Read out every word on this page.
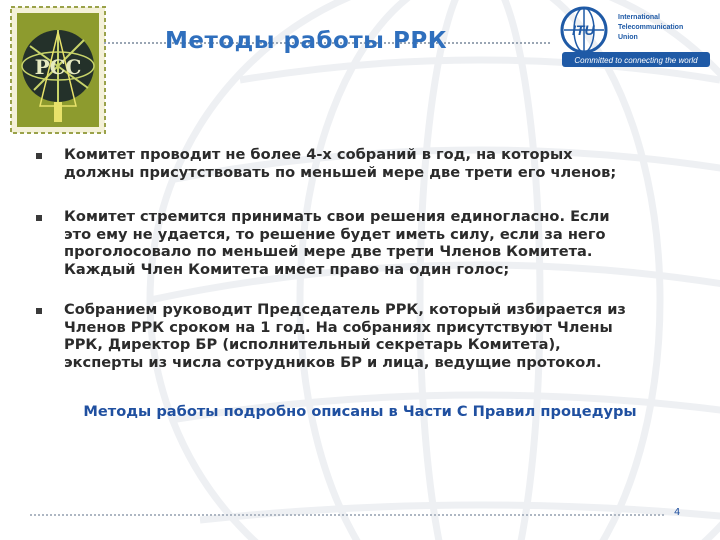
РСС
Методы работы РРК	ITU
International
Telecommunication
Union
Committed to connecting the world
Комитет проводит не более 4-х собраний в год, на которых
должны присутствовать по меньшей мере две трети его членов;
Комитет стремится принимать свои решения единогласно. Если
это ему не удается, то решение будет иметь силу, если за него
проголосовало по меньшей мере две трети Членов Комитета.
Каждый Член Комитета имеет право на один голос;
Собранием руководит Председатель РРК, который избирается из
Членов РРК сроком на 1 год. На собраниях присутствуют Члены
РРК, Директор БР (исполнительный секретарь Комитета),
эксперты из числа сотрудников БР и лица, ведущие протокол.
Методы работы подробно описаны в Части С Правил процедуры
4
